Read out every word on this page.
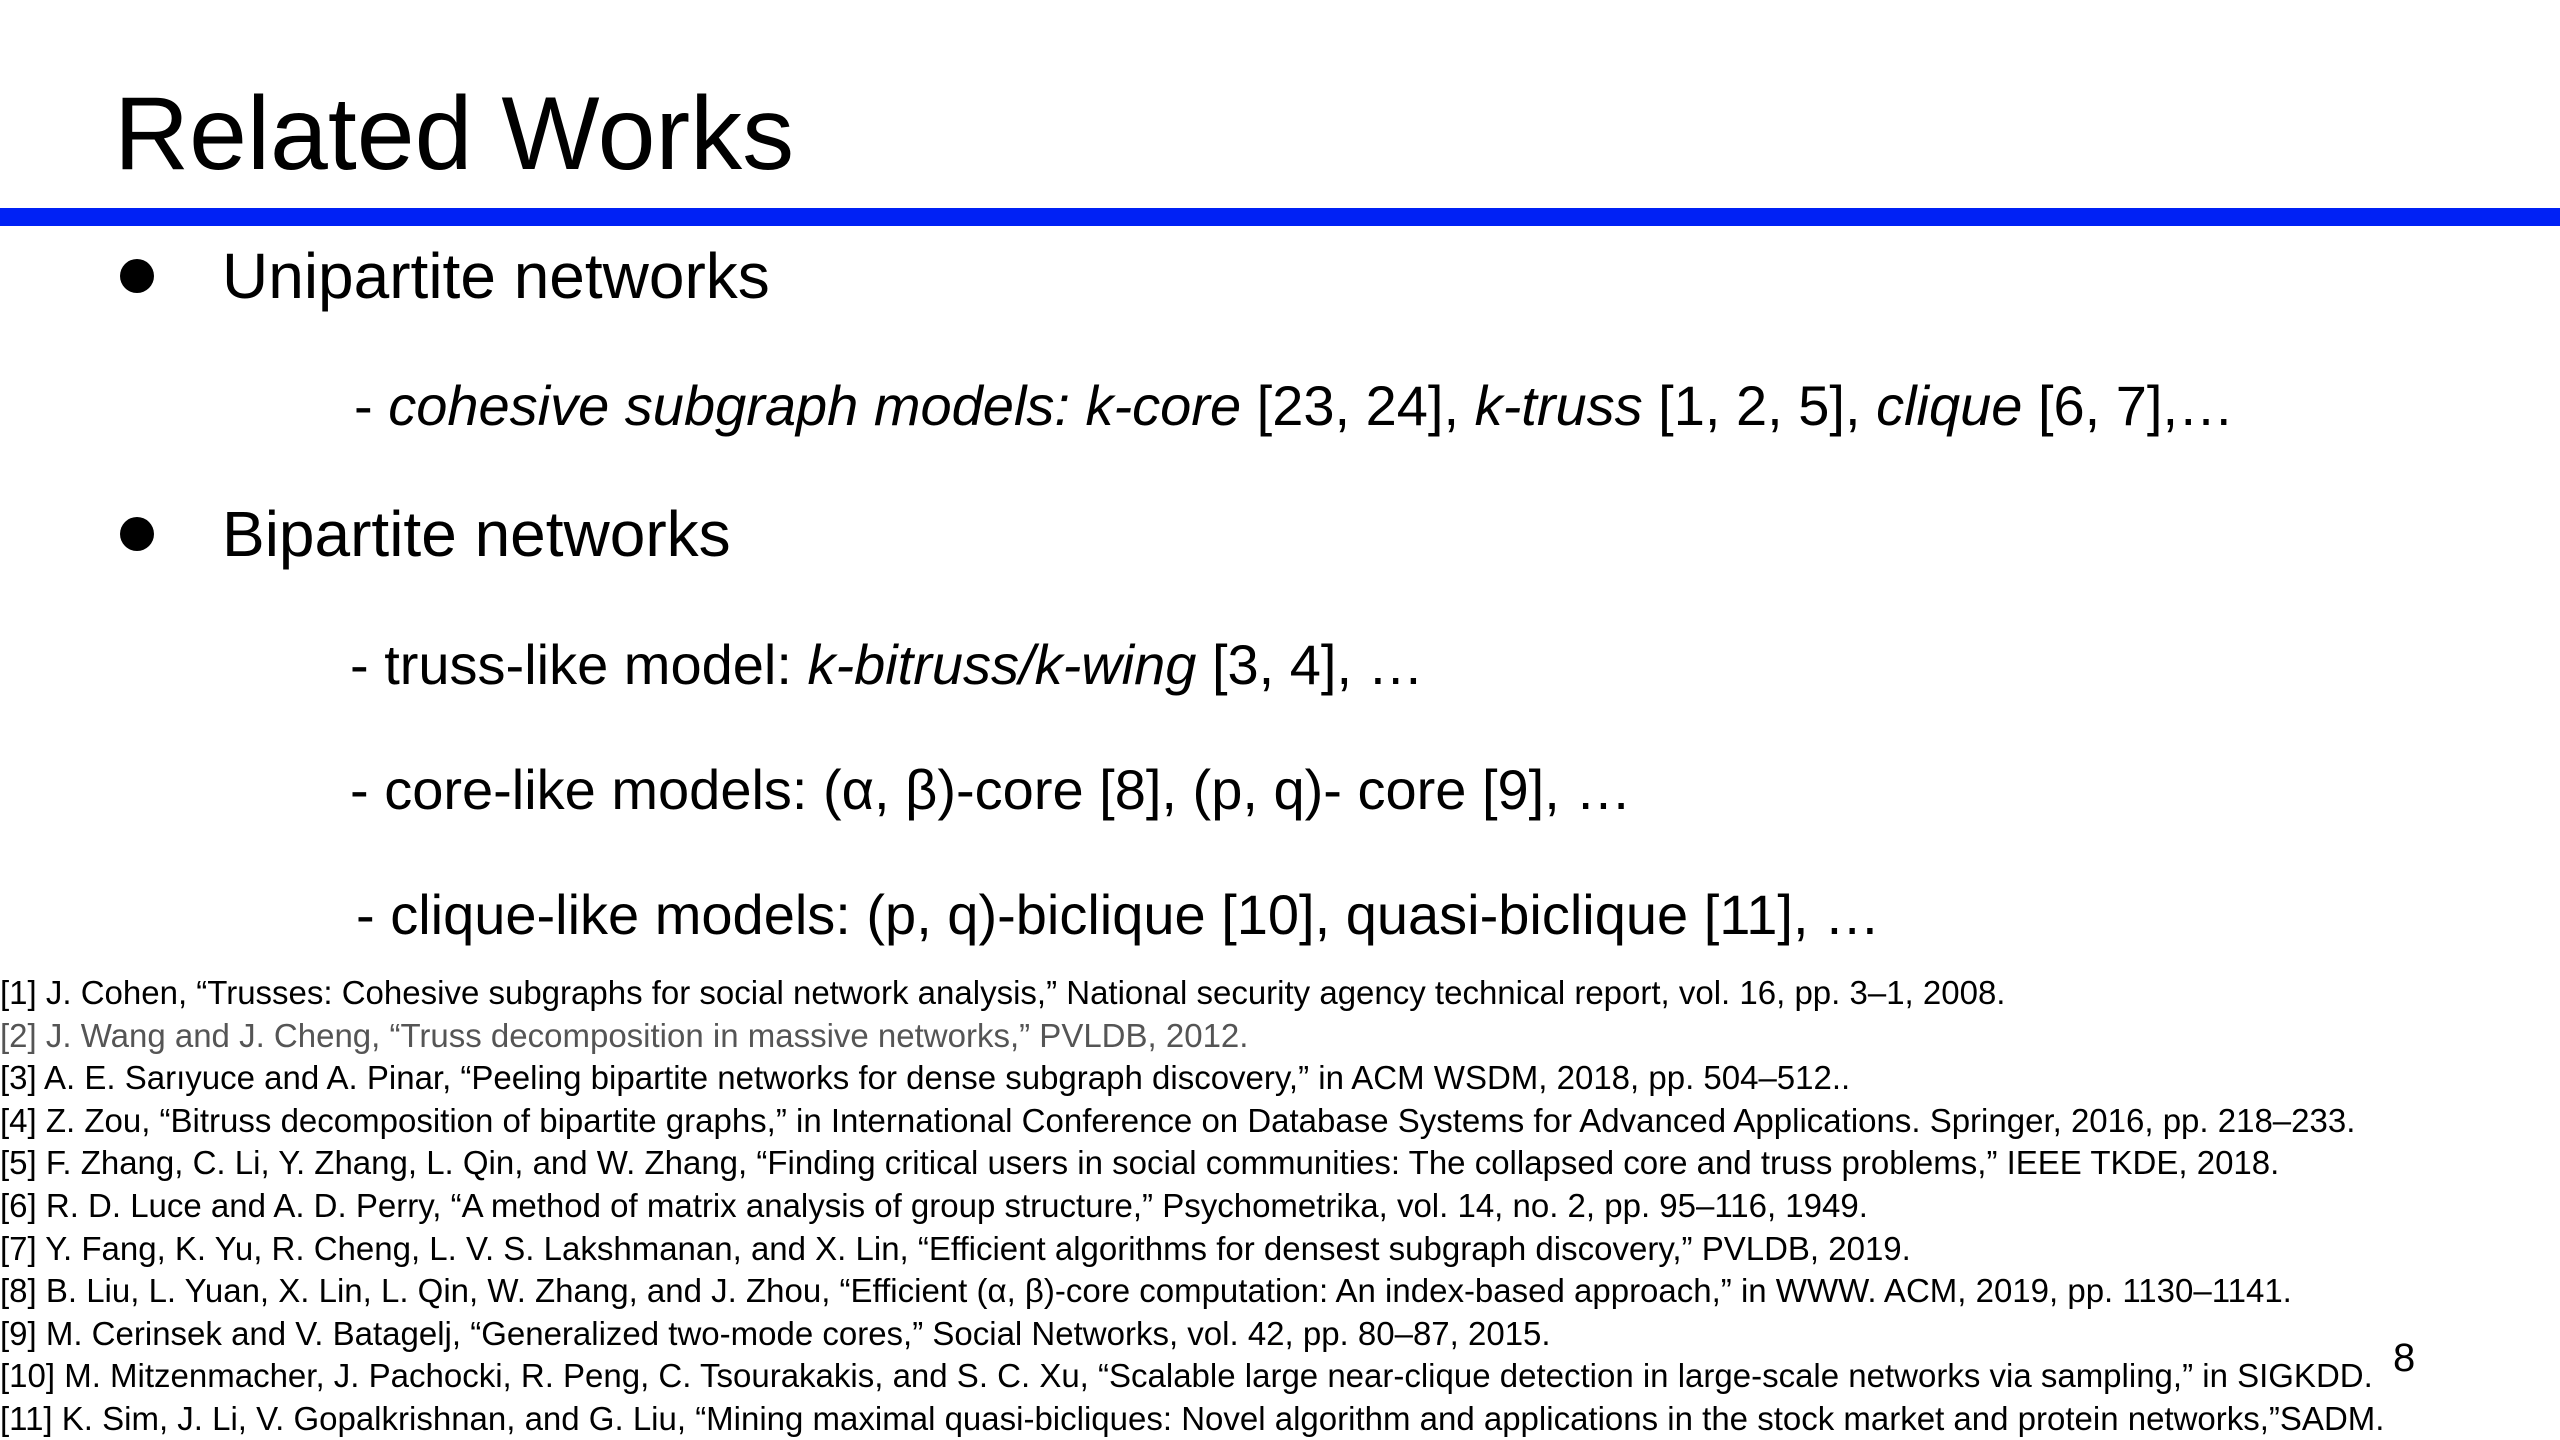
Related Works
Unipartite networks
- cohesive subgraph models: k-core [23, 24], k-truss [1, 2, 5], clique [6, 7],…
Bipartite networks
- truss-like model: k-bitruss/k-wing [3, 4], …
- core-like models: (α, β)-core [8], (p, q)- core [9], …
- clique-like models: (p, q)-biclique [10], quasi-biclique [11], …
[1] J. Cohen, “Trusses: Cohesive subgraphs for social network analysis,” National security agency technical report, vol. 16, pp. 3–1, 2008.
[2] J. Wang and J. Cheng, “Truss decomposition in massive networks,” PVLDB, 2012.
[3] A. E. Sarıyuce and A. Pinar, “Peeling bipartite networks for dense subgraph discovery,” in ACM WSDM, 2018, pp. 504–512..
[4] Z. Zou, “Bitruss decomposition of bipartite graphs,” in International Conference on Database Systems for Advanced Applications. Springer, 2016, pp. 218–233.
[5] F. Zhang, C. Li, Y. Zhang, L. Qin, and W. Zhang, “Finding critical users in social communities: The collapsed core and truss problems,” IEEE TKDE, 2018.
[6] R. D. Luce and A. D. Perry, “A method of matrix analysis of group structure,” Psychometrika, vol. 14, no. 2, pp. 95–116, 1949.
[7] Y. Fang, K. Yu, R. Cheng, L. V. S. Lakshmanan, and X. Lin, “Efficient algorithms for densest subgraph discovery,” PVLDB, 2019.
[8] B. Liu, L. Yuan, X. Lin, L. Qin, W. Zhang, and J. Zhou, “Efficient (α, β)-core computation: An index-based approach,” in WWW. ACM, 2019, pp. 1130–1141.
[9] M. Cerinsek and V. Batagelj, “Generalized two-mode cores,” Social Networks, vol. 42, pp. 80–87, 2015.
[10] M. Mitzenmacher, J. Pachocki, R. Peng, C. Tsourakakis, and S. C. Xu, “Scalable large near-clique detection in large-scale networks via sampling,” in SIGKDD.
[11] K. Sim, J. Li, V. Gopalkrishnan, and G. Liu, “Mining maximal quasi-bicliques: Novel algorithm and applications in the stock market and protein networks,”SADM.
8
